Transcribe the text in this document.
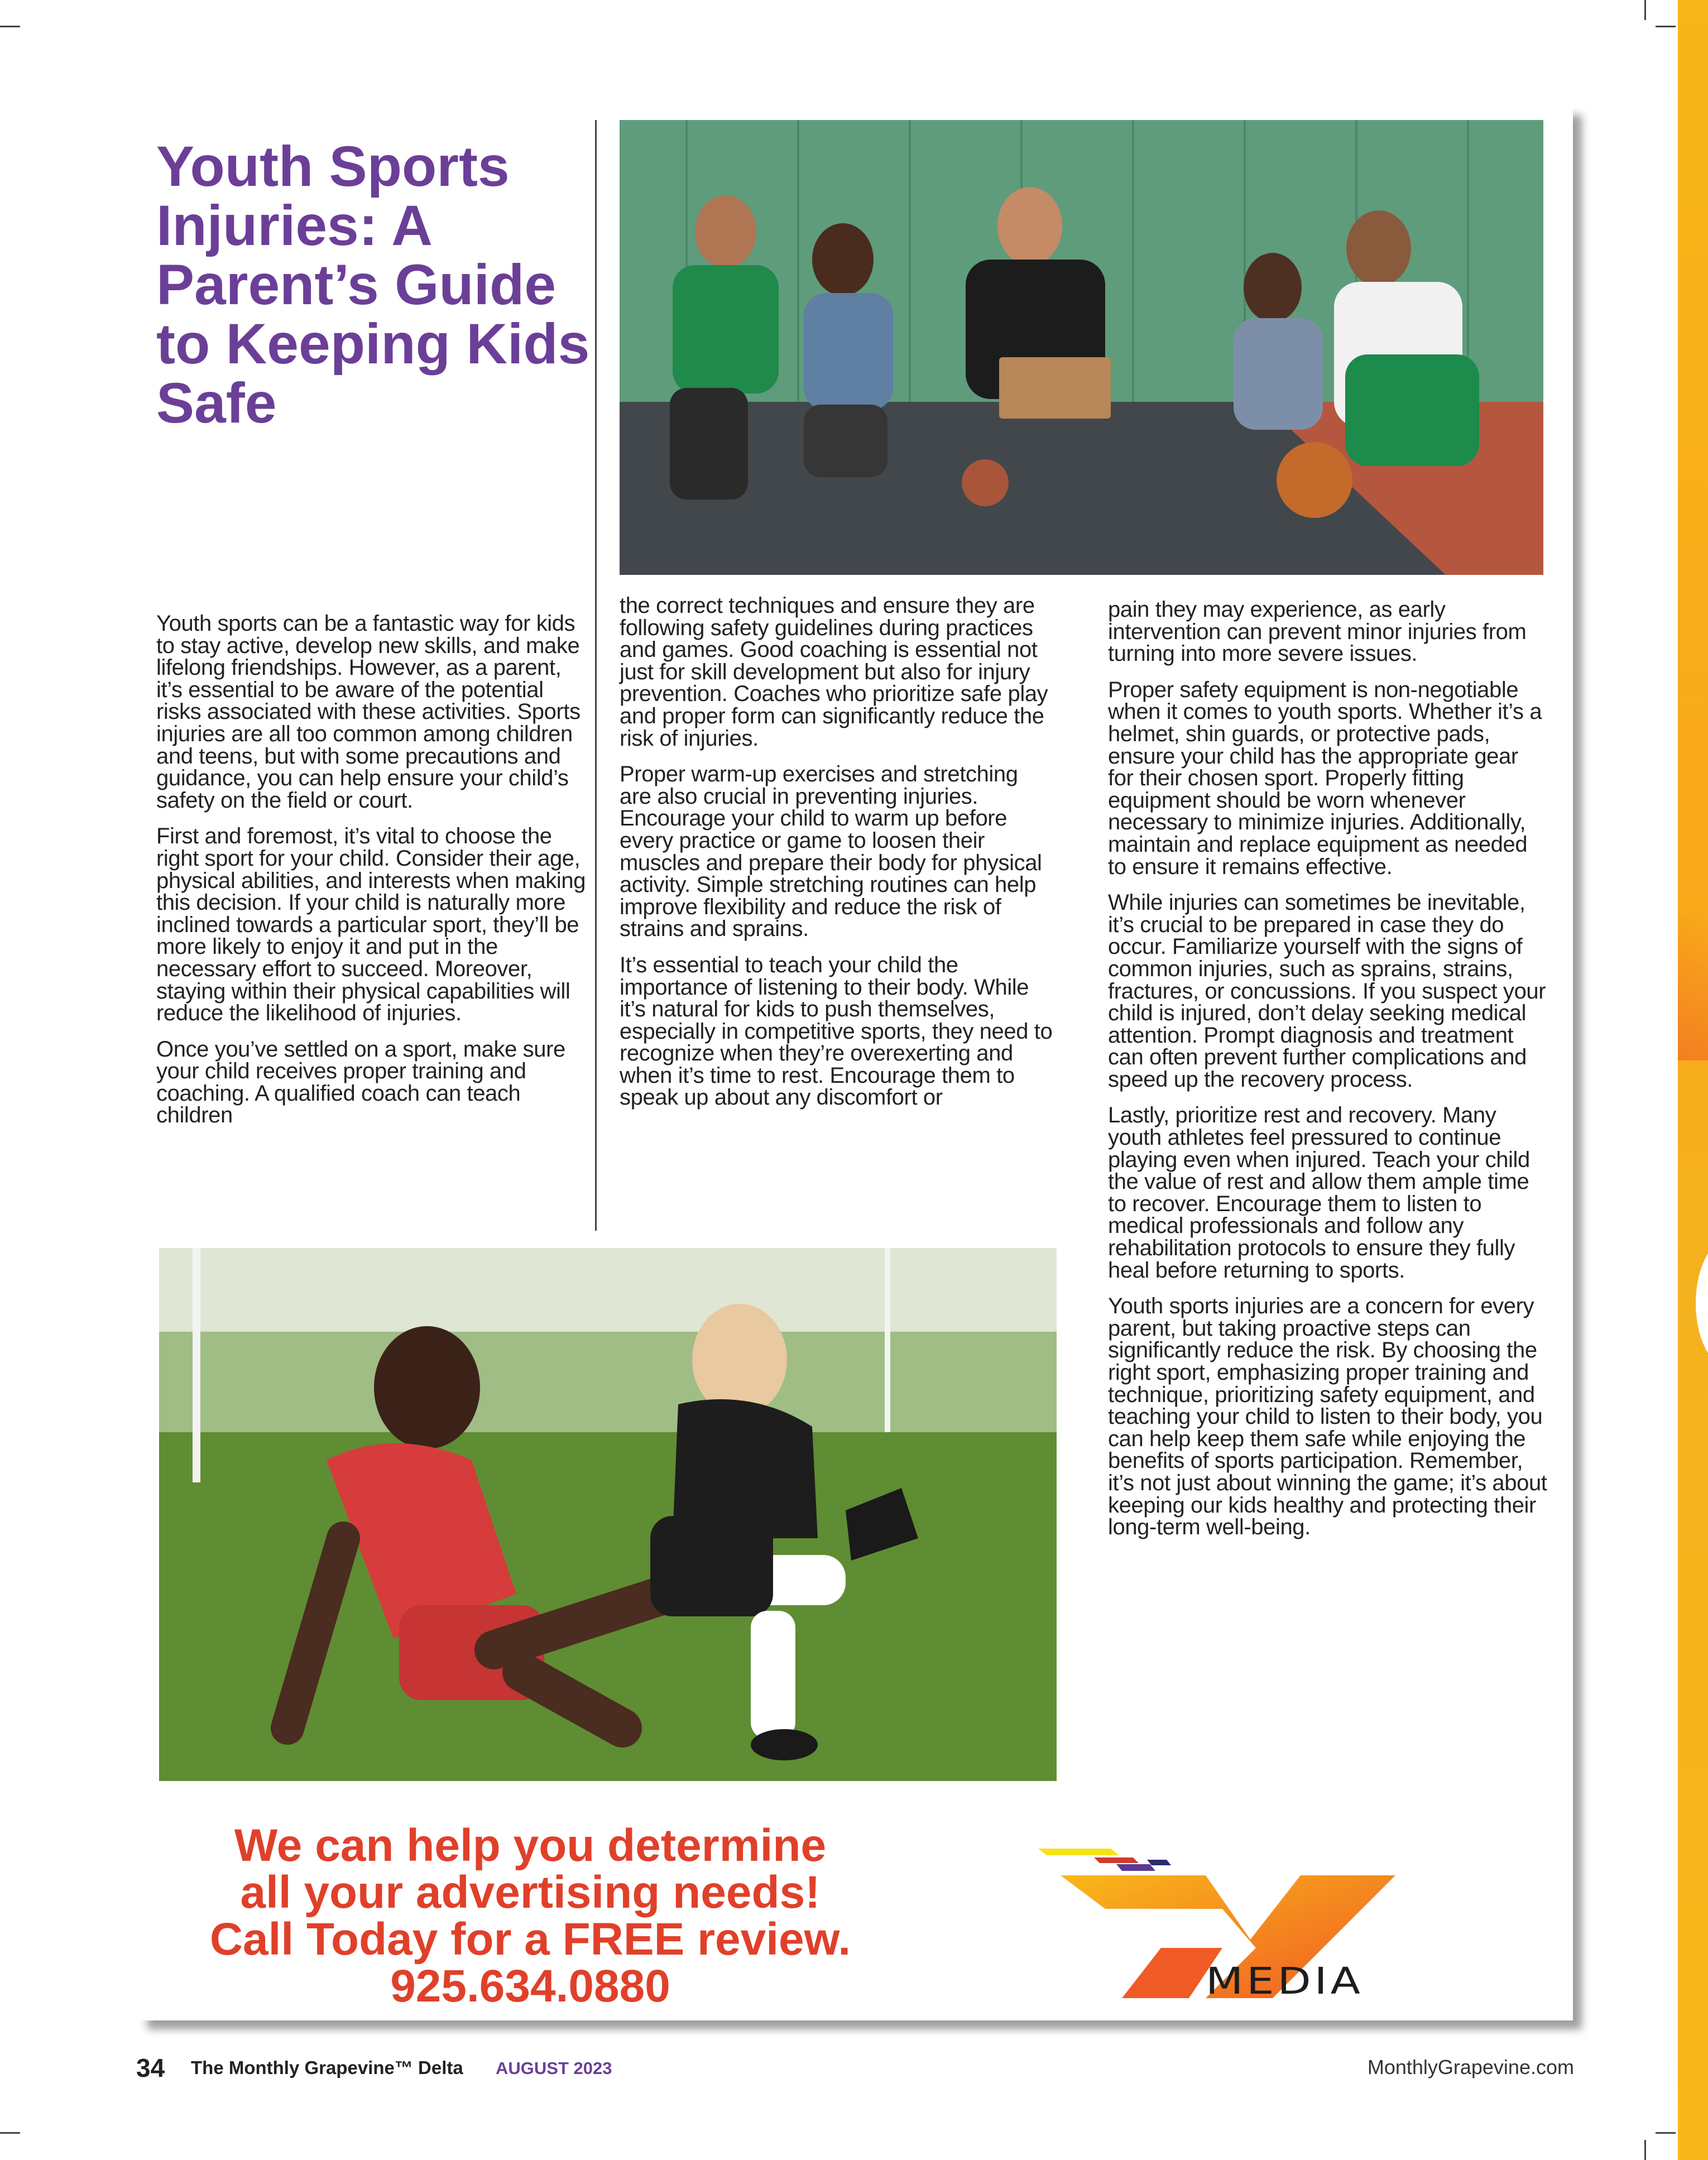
Youth Sports Injuries: A Parent’s Guide to Keeping Kids Safe

Youth sports can be a fantastic way for kids to stay active, develop new skills, and make lifelong friendships. However, as a parent, it’s essential to be aware of the potential risks associated with these activities. Sports injuries are all too common among children and teens, but with some precautions and guidance, you can help ensure your child’s safety on the field or court.

First and foremost, it’s vital to choose the right sport for your child. Consider their age, physical abilities, and interests when making this decision. If your child is naturally more inclined towards a particular sport, they’ll be more likely to enjoy it and put in the necessary effort to succeed. Moreover, staying within their physical capabilities will reduce the likelihood of injuries.

Once you’ve settled on a sport, make sure your child receives proper training and coaching. A qualified coach can teach children

the correct techniques and ensure they are following safety guidelines during practices and games. Good coaching is essential not just for skill development but also for injury prevention. Coaches who prioritize safe play and proper form can significantly reduce the risk of injuries.

Proper warm-up exercises and stretching are also crucial in preventing injuries. Encourage your child to warm up before every practice or game to loosen their muscles and prepare their body for physical activity. Simple stretching routines can help improve flexibility and reduce the risk of strains and sprains.

It’s essential to teach your child the importance of listening to their body. While it’s natural for kids to push themselves, especially in competitive sports, they need to recognize when they’re overexerting and when it’s time to rest. Encourage them to speak up about any discomfort or

pain they may experience, as early intervention can prevent minor injuries from turning into more severe issues.

Proper safety equipment is non-negotiable when it comes to youth sports. Whether it’s a helmet, shin guards, or protective pads, ensure your child has the appropriate gear for their chosen sport. Properly fitting equipment should be worn whenever necessary to minimize injuries. Additionally, maintain and replace equipment as needed to ensure it remains effective.

While injuries can sometimes be inevitable, it’s crucial to be prepared in case they do occur. Familiarize yourself with the signs of common injuries, such as sprains, strains, fractures, or concussions. If you suspect your child is injured, don’t delay seeking medical attention. Prompt diagnosis and treatment can often prevent further complications and speed up the recovery process.

Lastly, prioritize rest and recovery. Many youth athletes feel pressured to continue playing even when injured. Teach your child the value of rest and allow them ample time to recover. Encourage them to listen to medical professionals and follow any rehabilitation protocols to ensure they fully heal before returning to sports.

Youth sports injuries are a concern for every parent, but taking proactive steps can significantly reduce the risk. By choosing the right sport, emphasizing proper training and technique, prioritizing safety equipment, and teaching your child to listen to their body, you can help keep them safe while enjoying the benefits of sports participation. Remember, it’s not just about winning the game; it’s about keeping our kids healthy and protecting their long-term well-being.

We can help you determine
all your advertising needs!
Call Today for a FREE review.
925.634.0880	MEDIA
34 The Monthly Grapevine™ Delta AUGUST 2023	MonthlyGrapevine.com
